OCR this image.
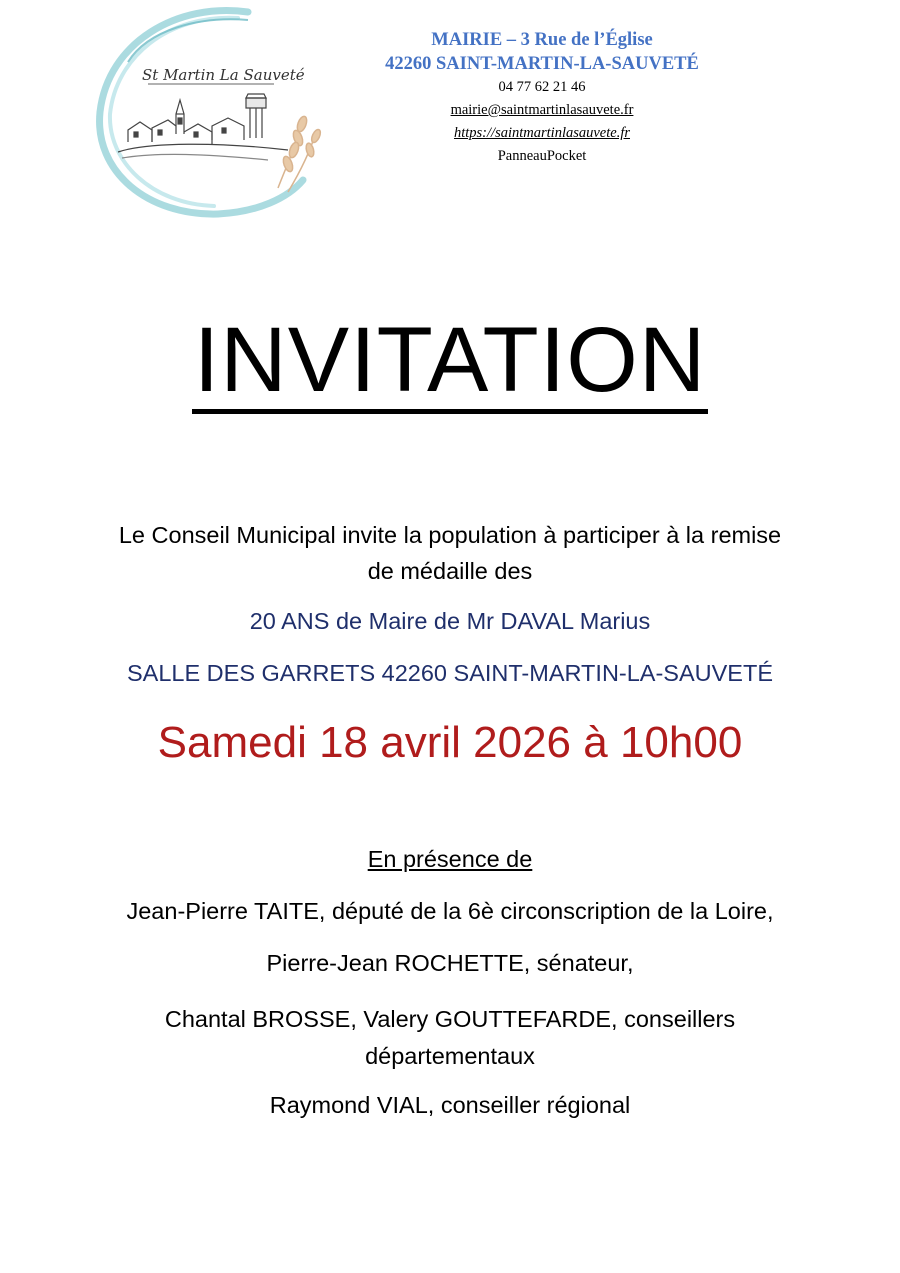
St Martin La Sauveté
MAIRIE – 3 Rue de l’Église
42260 SAINT-MARTIN-LA-SAUVETÉ
04 77 62 21 46
mairie@saintmartinlasauvete.fr
https://saintmartinlasauvete.fr
PanneauPocket
INVITATION
Le Conseil Municipal invite la population à participer à la remise
de médaille des
20 ANS de Maire de Mr DAVAL Marius
SALLE DES GARRETS 42260 SAINT-MARTIN-LA-SAUVETÉ
Samedi 18 avril 2026 à 10h00
En présence de
Jean-Pierre TAITE, député de la 6è circonscription de la Loire,
Pierre-Jean ROCHETTE, sénateur,
Chantal BROSSE, Valery GOUTTEFARDE, conseillers
départementaux
Raymond VIAL, conseiller régional
